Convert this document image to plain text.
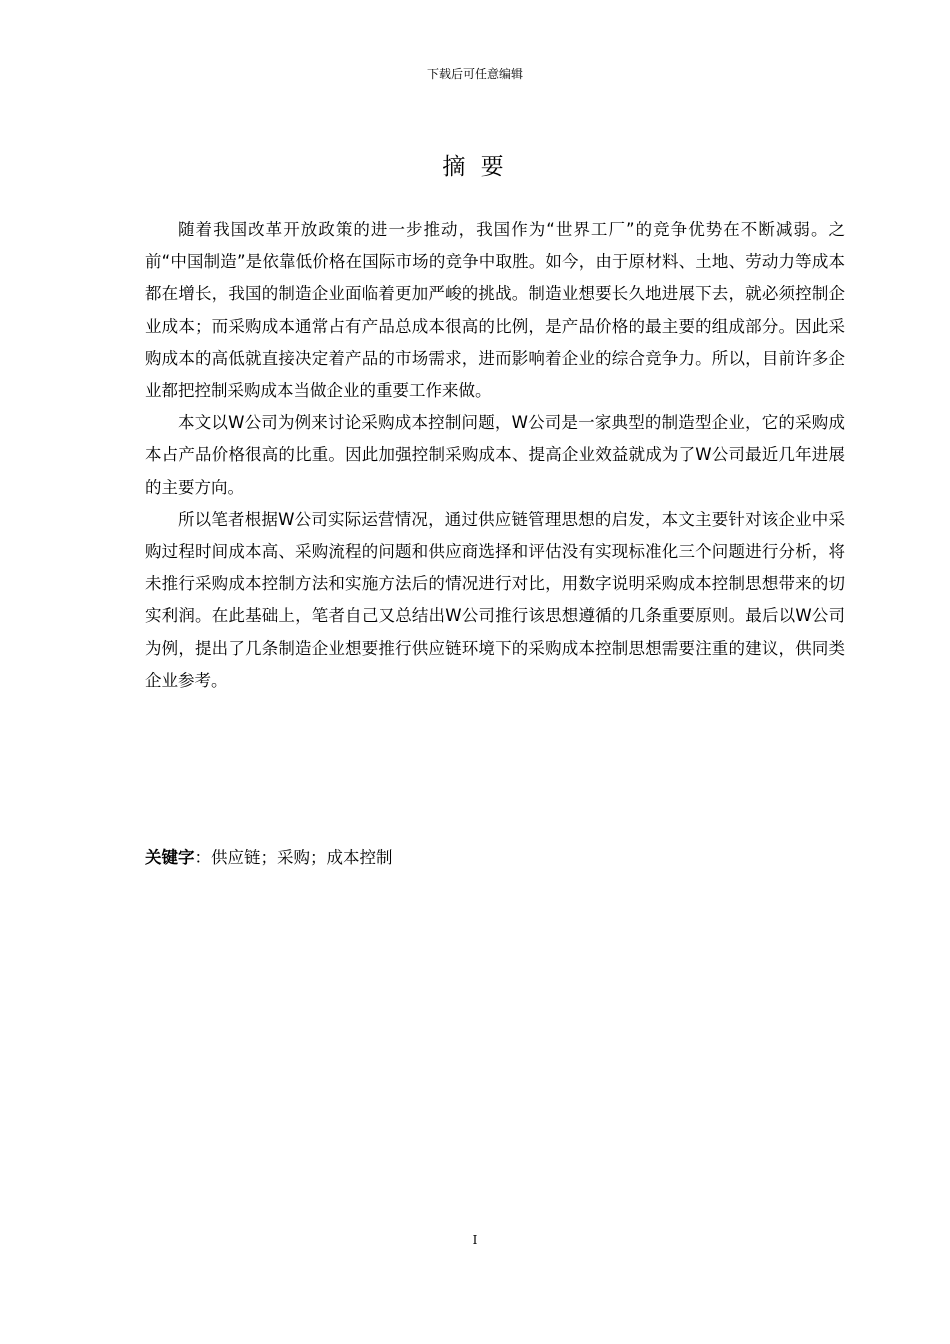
下载后可任意编辑
摘 要

随着我国改革开放政策的进一步推动，我国作为“世界工厂”的竞争优势在不断减弱。之前“中国制造”是依靠低价格在国际市场的竞争中取胜。如今，由于原材料、土地、劳动力等成本都在增长，我国的制造企业面临着更加严峻的挑战。制造业想要长久地进展下去，就必须控制企业成本；而采购成本通常占有产品总成本很高的比例，是产品价格的最主要的组成部分。因此采购成本的高低就直接决定着产品的市场需求，进而影响着企业的综合竞争力。所以，目前许多企业都把控制采购成本当做企业的重要工作来做。

本文以W公司为例来讨论采购成本控制问题，W公司是一家典型的制造型企业，它的采购成本占产品价格很高的比重。因此加强控制采购成本、提高企业效益就成为了W公司最近几年进展的主要方向。

所以笔者根据W公司实际运营情况，通过供应链管理思想的启发，本文主要针对该企业中采购过程时间成本高、采购流程的问题和供应商选择和评估没有实现标准化三个问题进行分析，将未推行采购成本控制方法和实施方法后的情况进行对比，用数字说明采购成本控制思想带来的切实利润。在此基础上，笔者自己又总结出W公司推行该思想遵循的几条重要原则。最后以W公司为例，提出了几条制造企业想要推行供应链环境下的采购成本控制思想需要注重的建议，供同类企业参考。

关键字：供应链；采购；成本控制
I
